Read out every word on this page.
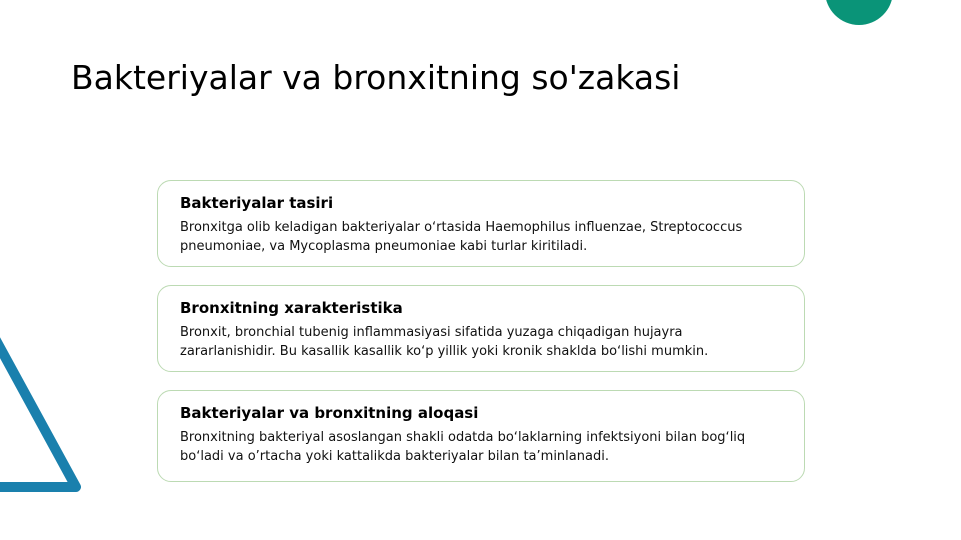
Bakteriyalar va bronxitning so'zakasi
Bakteriyalar tasiri

Bronxitga olib keladigan bakteriyalar oʻrtasida Haemophilus influenzae, Streptococcus pneumoniae, va Mycoplasma pneumoniae kabi turlar kiritiladi.

Bronxitning xarakteristika

Bronxit, bronchial tubenig inflammasiyasi sifatida yuzaga chiqadigan hujayra zararlanishidir. Bu kasallik kasallik koʻp yillik yoki kronik shaklda boʻlishi mumkin.

Bakteriyalar va bronxitning aloqasi

Bronxitning bakteriyal asoslangan shakli odatda boʻlaklarning infektsiyoni bilan bogʻliq boʻladi va o’rtacha yoki kattalikda bakteriyalar bilan ta’minlanadi.
